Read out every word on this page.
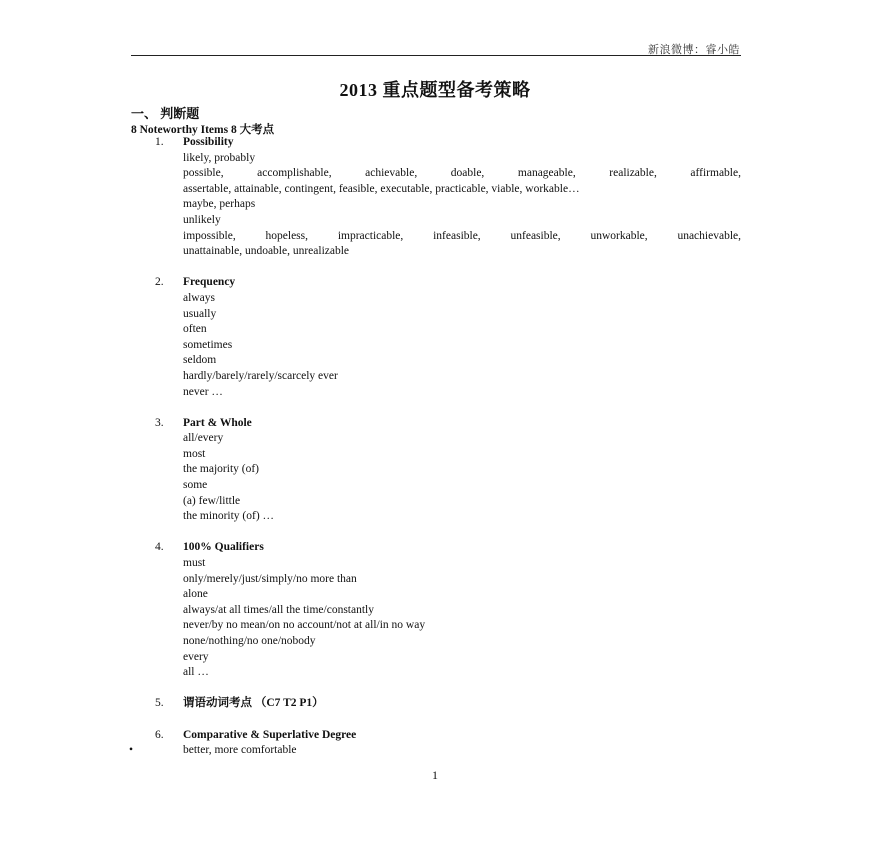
新浪微博：睿小皓
2013 重点题型备考策略
一、 判断题
8 Noteworthy Items 8 大考点
1.	Possibility
likely, probably
possible, accomplishable, achievable, doable, manageable, realizable, affirmable,
assertable, attainable, contingent, feasible, executable, practicable, viable, workable…
maybe, perhaps
unlikely
impossible, hopeless, impracticable, infeasible, unfeasible, unworkable, unachievable,
unattainable, undoable, unrealizable
2.	Frequency
always
usually
often
sometimes
seldom
hardly/barely/rarely/scarcely ever
never …
3.	Part & Whole
all/every
most
the majority (of)
some
(a) few/little
the minority (of) …
4.	100% Qualifiers
must
only/merely/just/simply/no more than
alone
always/at all times/all the time/constantly
never/by no mean/on no account/not at all/in no way
none/nothing/no one/nobody
every
all …
5.	谓语动词考点 （C7 T2 P1）
6.	Comparative & Superlative Degree
•	better, more comfortable
1
